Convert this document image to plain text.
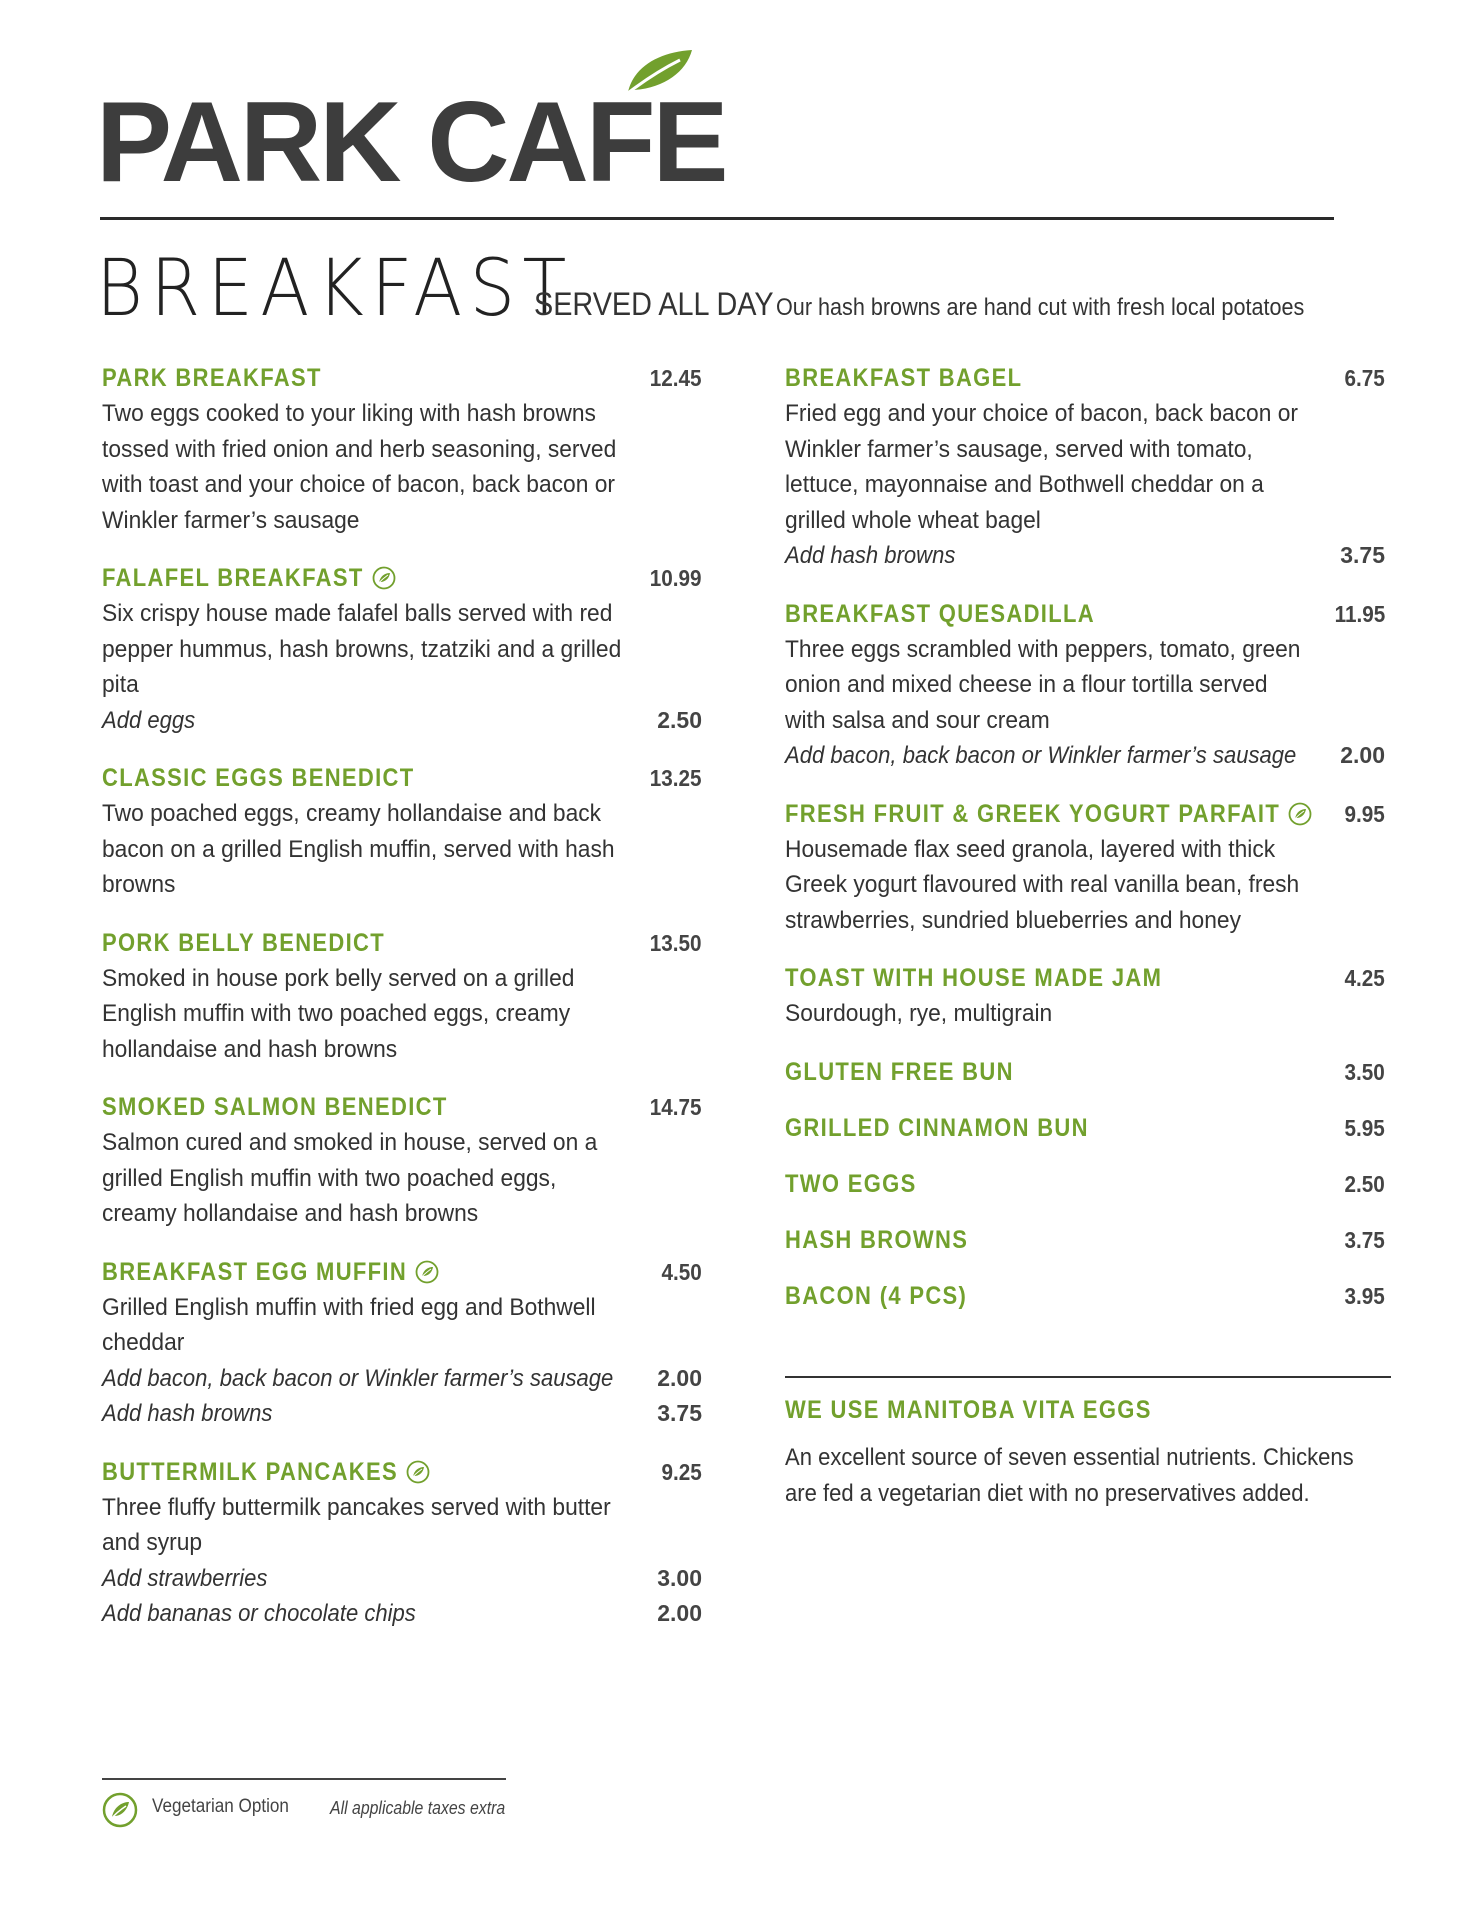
PARK CAFE
BREAKFAST
SERVED ALL DAY Our hash browns are hand cut with fresh local potatoes
PARK BREAKFAST	12.45
Two eggs cooked to your liking with hash browns tossed with fried onion and herb seasoning, served with toast and your choice of bacon, back bacon or Winkler farmer’s sausage
FALAFEL BREAKFAST	10.99
Six crispy house made falafel balls served with red pepper hummus, hash browns, tzatziki and a grilled pita
Add eggs	2.50
CLASSIC EGGS BENEDICT	13.25
Two poached eggs, creamy hollandaise and back bacon on a grilled English muffin, served with hash browns
PORK BELLY BENEDICT	13.50
Smoked in house pork belly served on a grilled English muffin with two poached eggs, creamy hollandaise and hash browns
SMOKED SALMON BENEDICT	14.75
Salmon cured and smoked in house, served on a grilled English muffin with two poached eggs, creamy hollandaise and hash browns
BREAKFAST EGG MUFFIN	4.50
Grilled English muffin with fried egg and Bothwell cheddar
Add bacon, back bacon or Winkler farmer’s sausage 2.00
Add hash browns	3.75
BUTTERMILK PANCAKES	9.25
Three fluffy buttermilk pancakes served with butter and syrup
Add strawberries	3.00
Add bananas or chocolate chips	2.00
BREAKFAST BAGEL	6.75
Fried egg and your choice of bacon, back bacon or Winkler farmer’s sausage, served with tomato, lettuce, mayonnaise and Bothwell cheddar on a grilled whole wheat bagel
Add hash browns	3.75
BREAKFAST QUESADILLA	11.95
Three eggs scrambled with peppers, tomato, green onion and mixed cheese in a flour tortilla served with salsa and sour cream
Add bacon, back bacon or Winkler farmer’s sausage 2.00
FRESH FRUIT & GREEK YOGURT PARFAIT	9.95
Housemade flax seed granola, layered with thick Greek yogurt flavoured with real vanilla bean, fresh strawberries, sundried blueberries and honey
TOAST WITH HOUSE MADE JAM	4.25
Sourdough, rye, multigrain
GLUTEN FREE BUN	3.50
GRILLED CINNAMON BUN	5.95
TWO EGGS	2.50
HASH BROWNS	3.75
BACON (4 PCS)	3.95
WE USE MANITOBA VITA EGGS
An excellent source of seven essential nutrients. Chickens are fed a vegetarian diet with no preservatives added.
Vegetarian Option All applicable taxes extra
